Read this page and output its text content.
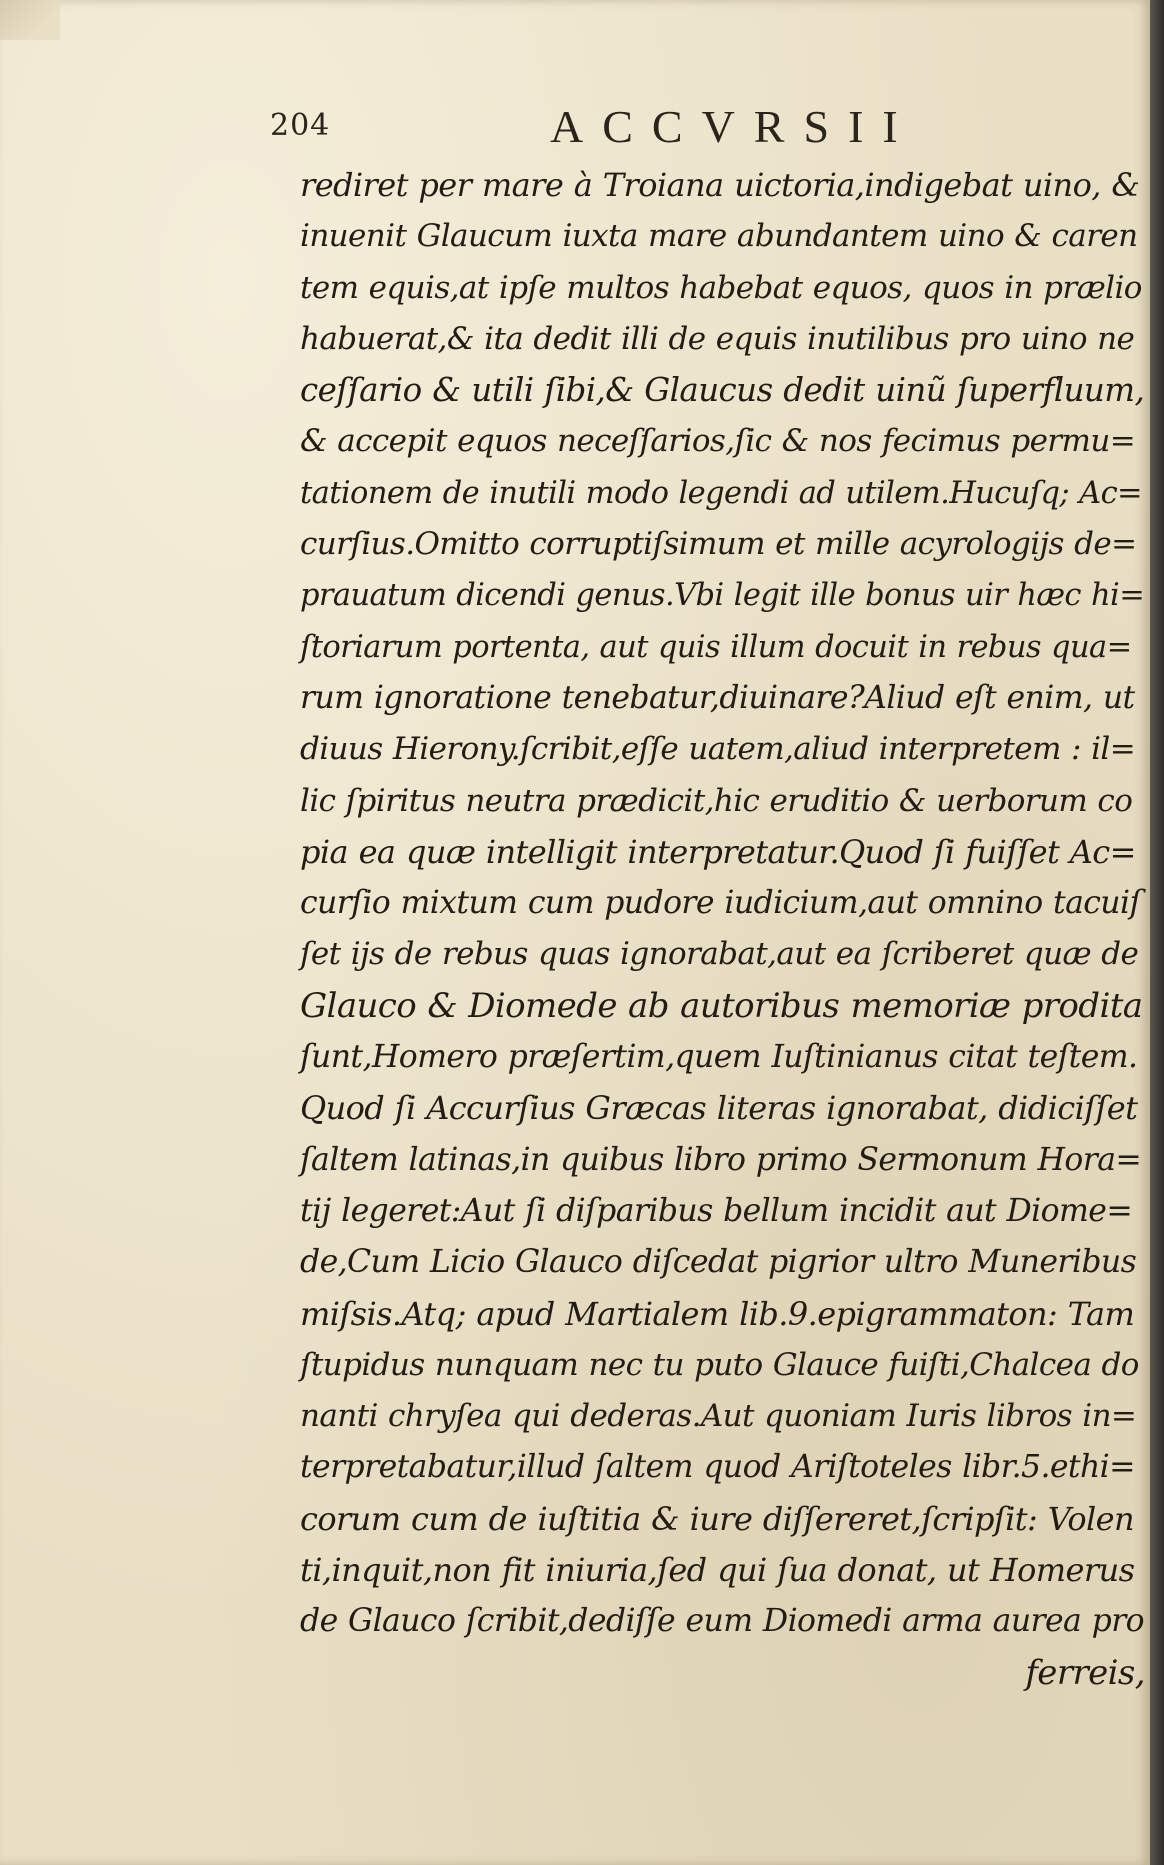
204	ACCVRSII
rediret per mare à Troiana uictoria,indigebat uino, &
inuenit Glaucum iuxta mare abundantem uino & caren
tem equis,at ipſe multos habebat equos, quos in prælio
habuerat,& ita dedit illi de equis inutilibus pro uino ne
ceſſario & utili ſibi,& Glaucus dedit uinũ ſuperfluum,
& accepit equos neceſſarios,ſic & nos fecimus permu=
tationem de inutili modo legendi ad utilem.Hucuſq; Ac=
curſius.Omitto corruptiſsimum et mille acyrologijs de=
prauatum dicendi genus.Vbi legit ille bonus uir hæc hi=
ſtoriarum portenta, aut quis illum docuit in rebus qua=
rum ignoratione tenebatur,diuinare?Aliud eſt enim, ut
diuus Hierony.ſcribit,eſſe uatem,aliud interpretem : il=
lic ſpiritus neutra prædicit,hic eruditio & uerborum co
pia ea quæ intelligit interpretatur.Quod ſi fuiſſet Ac=
curſio mixtum cum pudore iudicium,aut omnino tacuiſ
ſet ijs de rebus quas ignorabat,aut ea ſcriberet quæ de
Glauco & Diomede ab autoribus memoriæ prodita
ſunt,Homero præſertim,quem Iuſtinianus citat teſtem.
Quod ſi Accurſius Græcas literas ignorabat, didiciſſet
ſaltem latinas,in quibus libro primo Sermonum Hora=
tij legeret:Aut ſi diſparibus bellum incidit aut Diome=
de,Cum Licio Glauco diſcedat pigrior ultro Muneribus
miſsis.Atq; apud Martialem lib.9.epigrammaton: Tam
ſtupidus nunquam nec tu puto Glauce fuiſti,Chalcea do
nanti chryſea qui dederas.Aut quoniam Iuris libros in=
terpretabatur,illud ſaltem quod Ariſtoteles libr.5.ethi=
corum cum de iuſtitia & iure diſſereret,ſcripſit: Volen
ti,inquit,non fit iniuria,ſed qui ſua donat, ut Homerus
de Glauco ſcribit,dediſſe eum Diomedi arma aurea pro
ferreis,
